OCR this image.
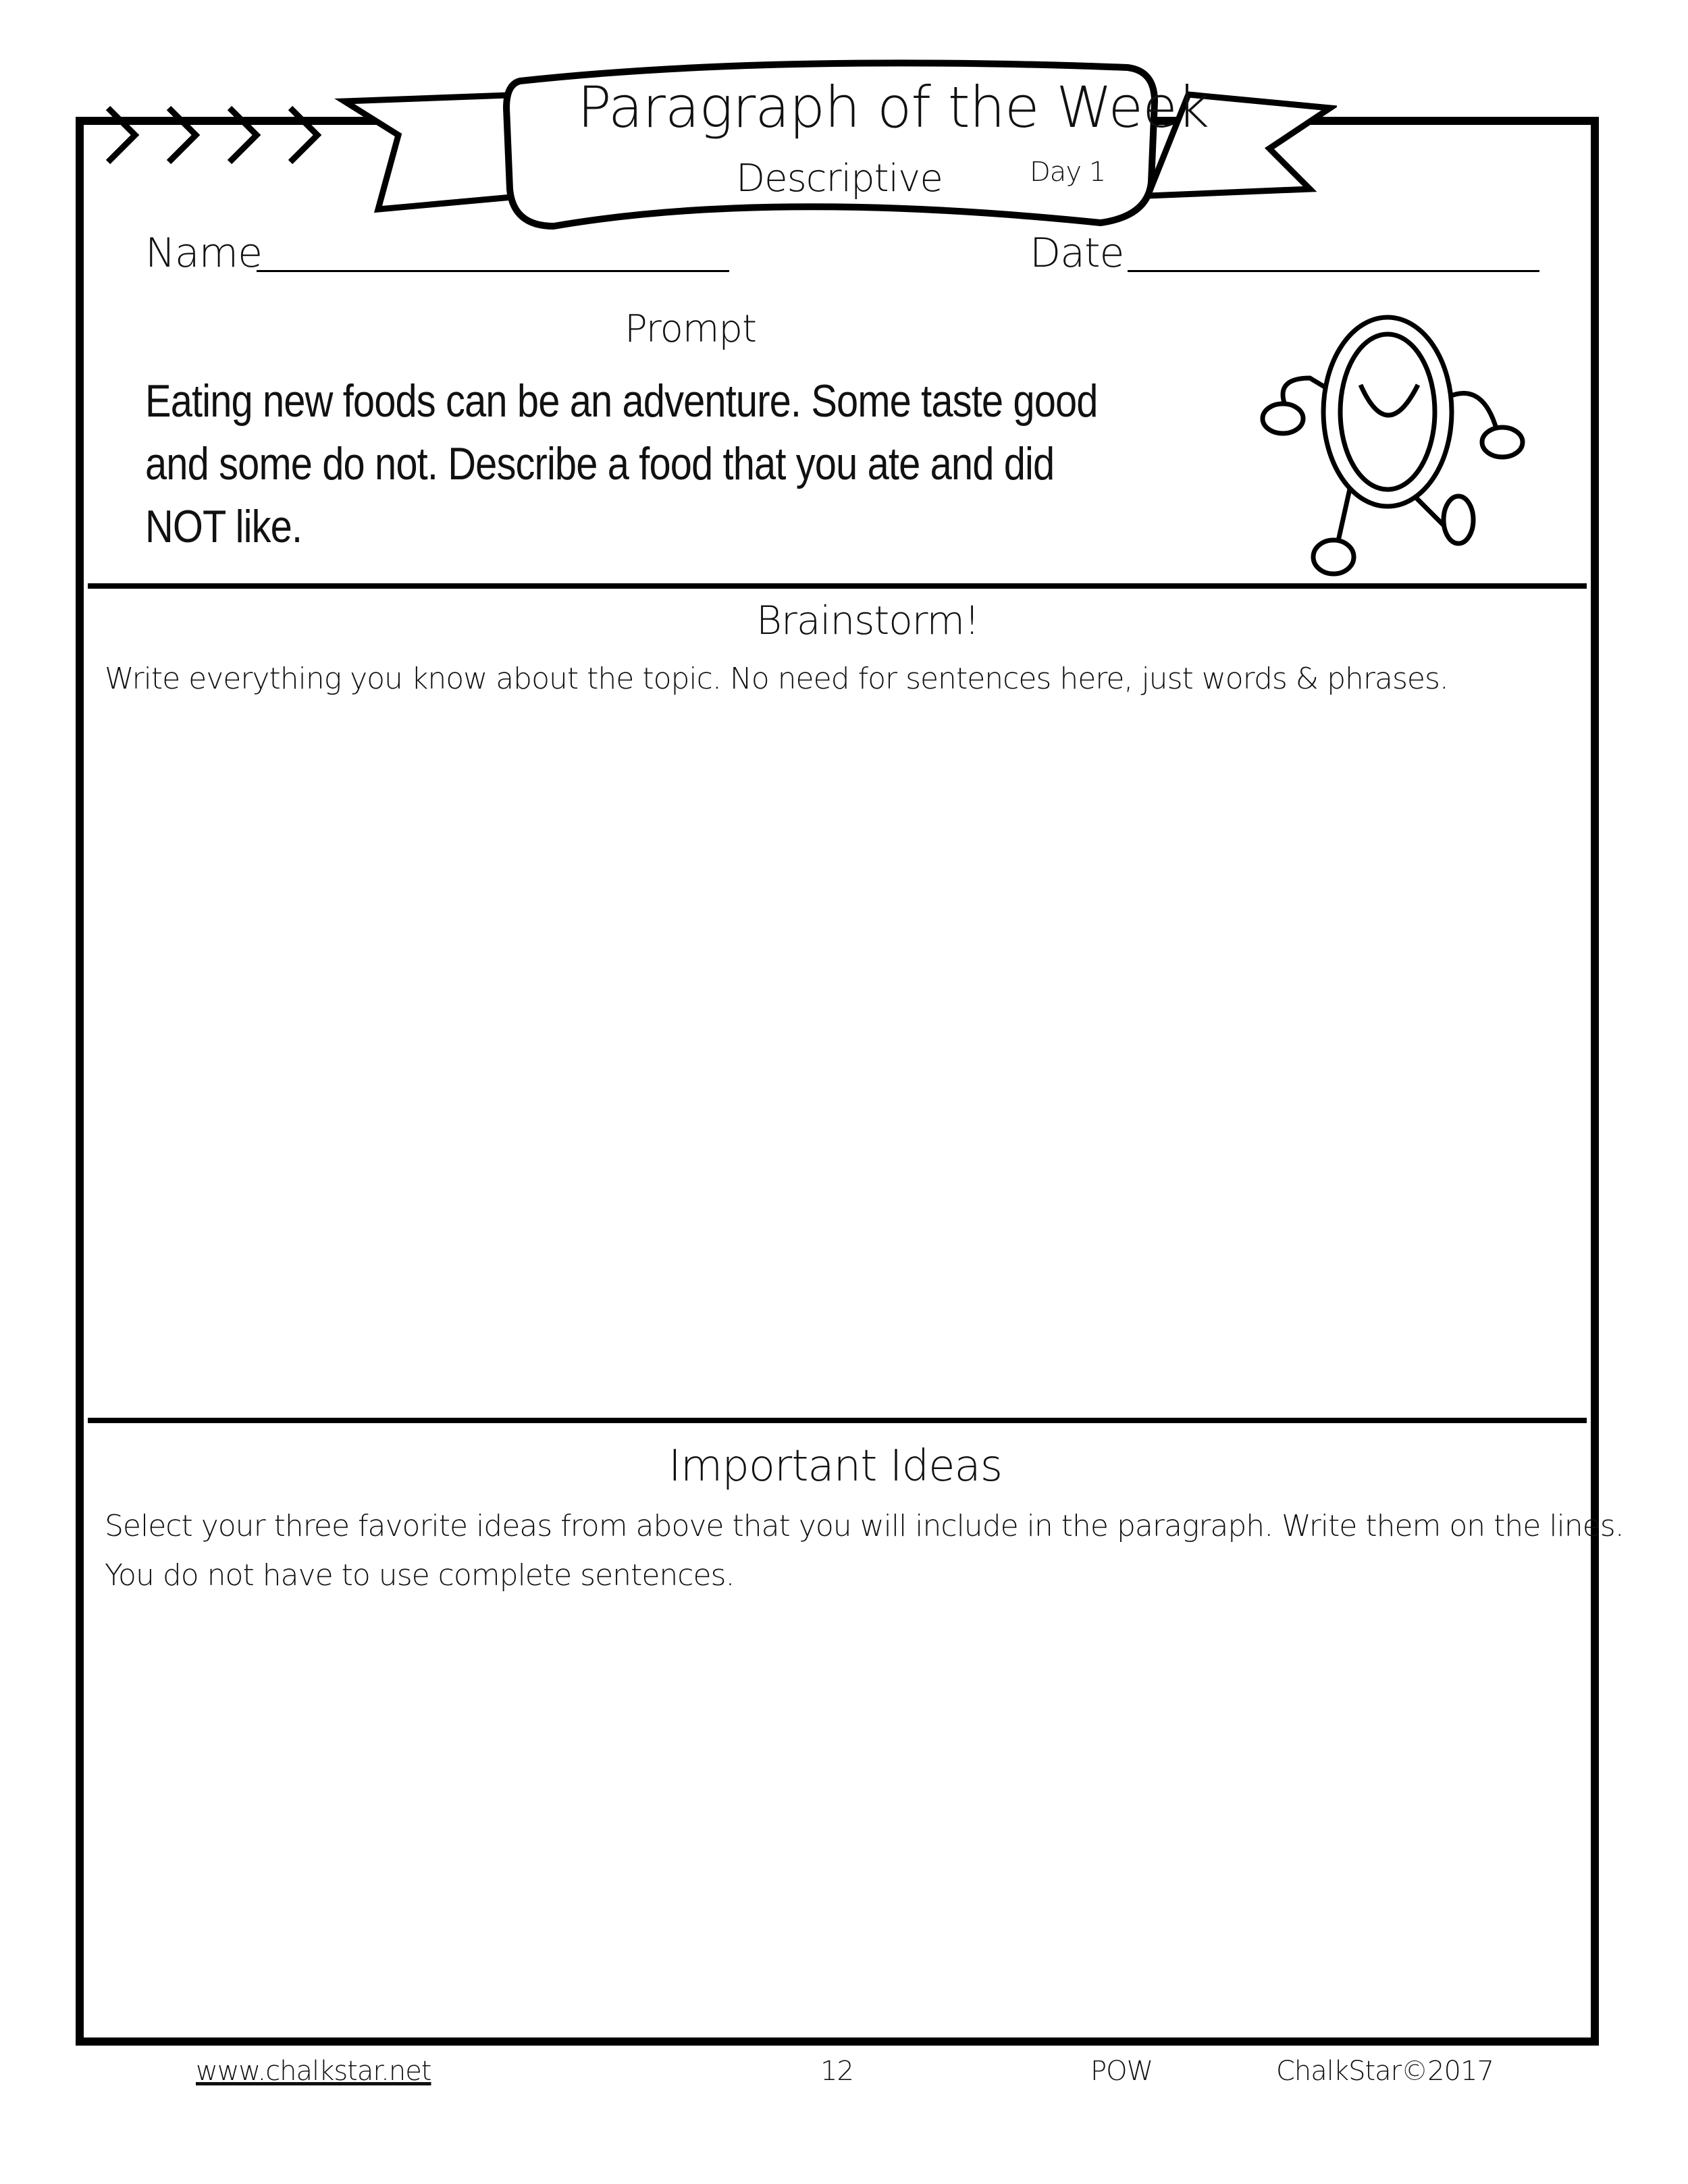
Paragraph of the Week
Descriptive	Day 1
Name	Date
Prompt
Eating new foods can be an adventure. Some taste good
and some do not. Describe a food that you ate and did
NOT like.
Brainstorm!
Write everything you know about the topic. No need for sentences here, just words & phrases.
Important Ideas
Select your three favorite ideas from above that you will include in the paragraph. Write them on the lines.
You do not have to use complete sentences.
www.chalkstar.net	12	POW	ChalkStar©2017
